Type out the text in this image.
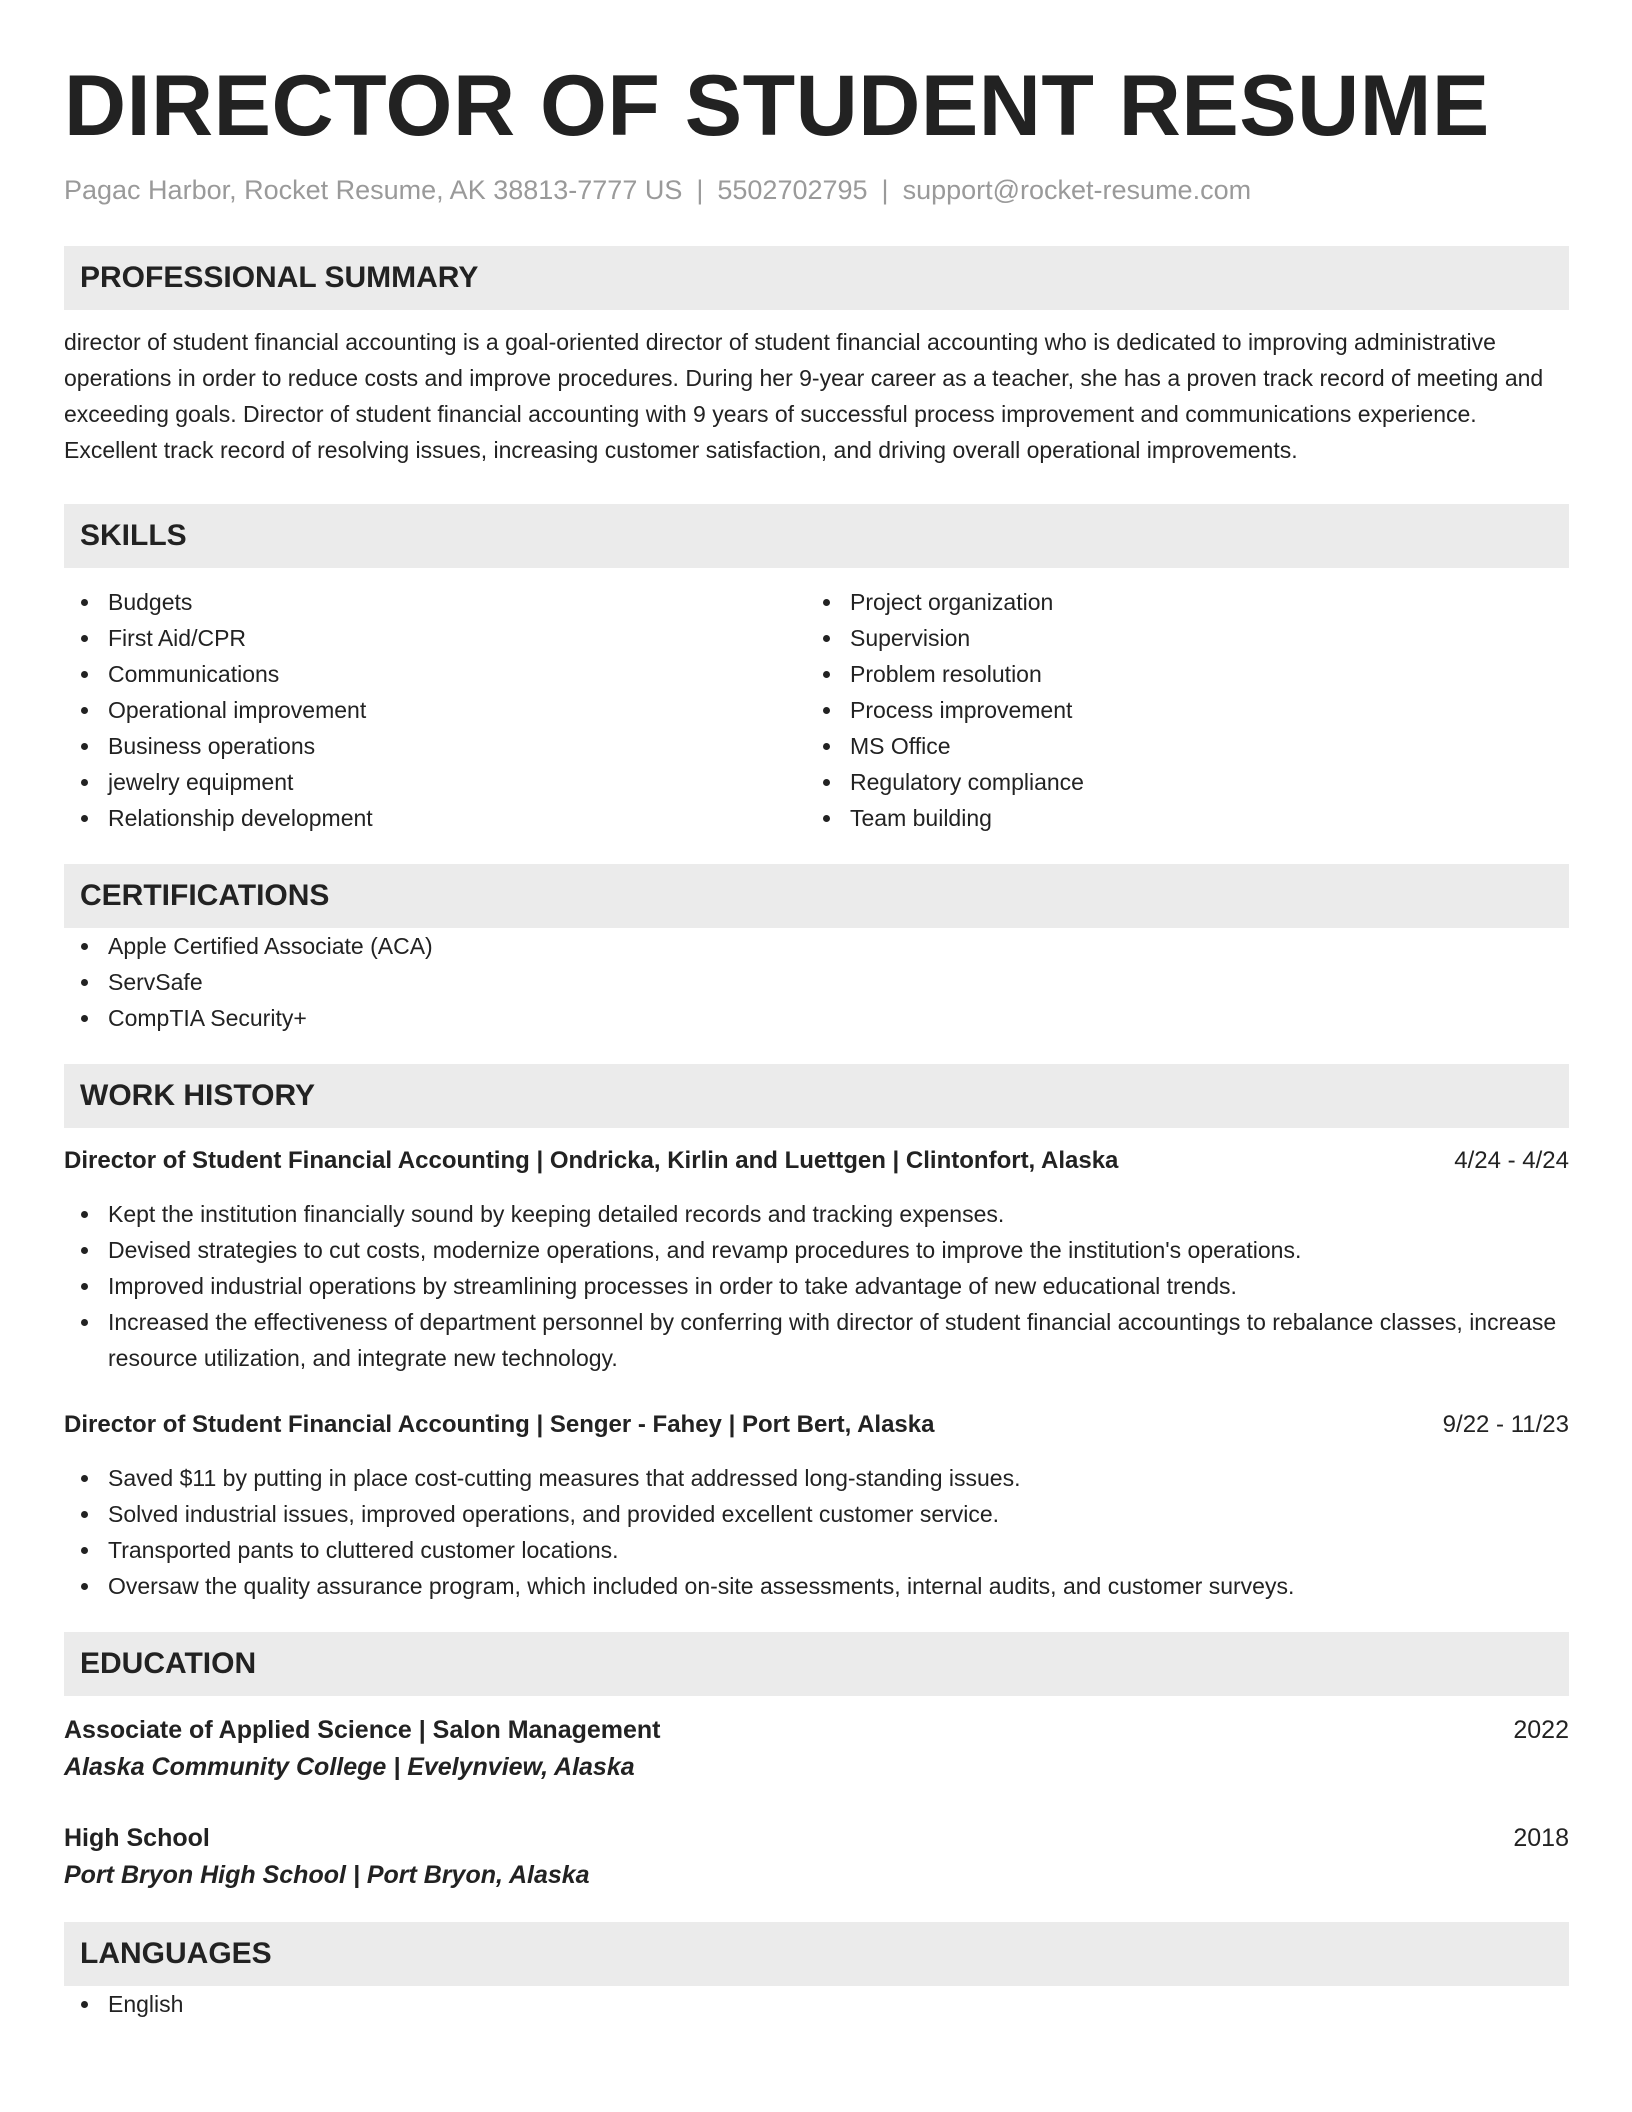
DIRECTOR OF STUDENT RESUME
Pagac Harbor, Rocket Resume, AK 38813-7777 US | 5502702795 | support@rocket-resume.com
PROFESSIONAL SUMMARY

director of student financial accounting is a goal-oriented director of student financial accounting who is dedicated to improving administrative operations in order to reduce costs and improve procedures. During her 9-year career as a teacher, she has a proven track record of meeting and exceeding goals. Director of student financial accounting with 9 years of successful process improvement and communications experience. Excellent track record of resolving issues, increasing customer satisfaction, and driving overall operational improvements.

SKILLS
Budgets
First Aid/CPR
Communications
Operational improvement
Business operations
jewelry equipment
Relationship development
Project organization
Supervision
Problem resolution
Process improvement
MS Office
Regulatory compliance
Team building
CERTIFICATIONS
Apple Certified Associate (ACA)
ServSafe
CompTIA Security+
WORK HISTORY
Director of Student Financial Accounting | Ondricka, Kirlin and Luettgen | Clintonfort, Alaska	4/24 - 4/24
Kept the institution financially sound by keeping detailed records and tracking expenses.
Devised strategies to cut costs, modernize operations, and revamp procedures to improve the institution's operations.
Improved industrial operations by streamlining processes in order to take advantage of new educational trends.
Increased the effectiveness of department personnel by conferring with director of student financial accountings to rebalance classes, increase resource utilization, and integrate new technology.
Director of Student Financial Accounting | Senger - Fahey | Port Bert, Alaska	9/22 - 11/23
Saved $11 by putting in place cost-cutting measures that addressed long-standing issues.
Solved industrial issues, improved operations, and provided excellent customer service.
Transported pants to cluttered customer locations.
Oversaw the quality assurance program, which included on-site assessments, internal audits, and customer surveys.
EDUCATION
Associate of Applied Science | Salon Management	2022
Alaska Community College | Evelynview, Alaska
High School	2018
Port Bryon High School | Port Bryon, Alaska
LANGUAGES
English
